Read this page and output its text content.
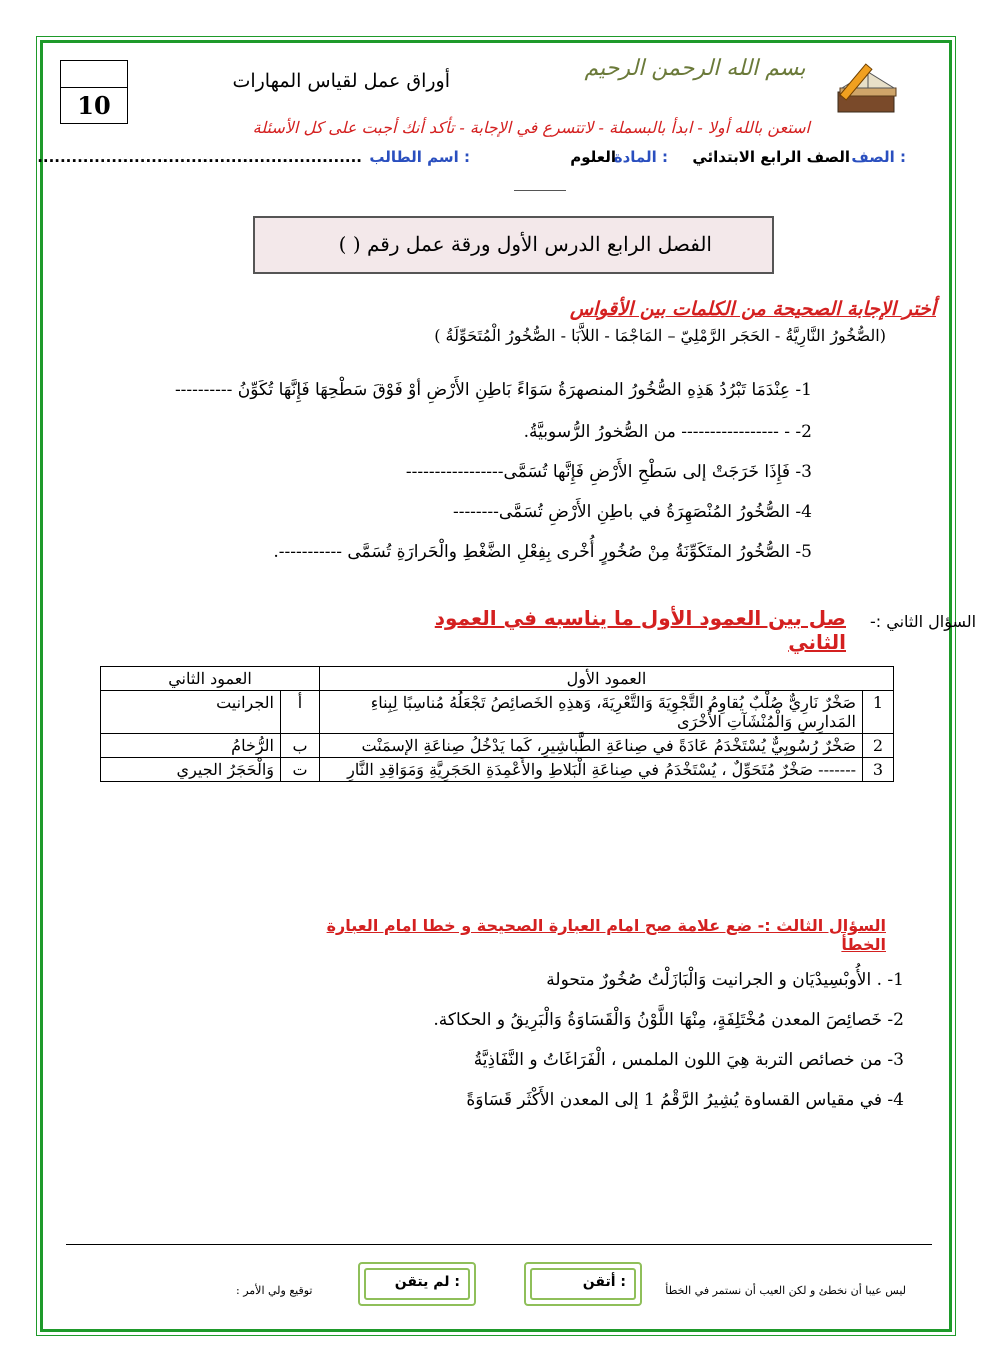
10
بسم الله الرحمن الرحيم
أوراق عمل لقياس المهارات
استعن بالله أولا - ابدأ بالبسملة - لاتتسرع في الإجابة - تأكد أنك أجبت على كل الأسئلة
الصف :
الصف الرابع الابتدائي
المادة :
العلوم
اسم الطالب :
.........................................................
الفصل الرابع الدرس الأول ورقة عمل رقم ( )
أختر الإجابة الصحيحة من الكلمات بين الأقواس
(الصُّخُورُ النَّارِيَّةُ - الحَجَر الرَّمْلِيّ – المَاجْمَا - اللاَّبَا - الصُّخُورُ الْمُتَحَوِّلَةُ )
1- عِنْدَمَا تَبْرُدُ هَذِهِ الصُّخُورُ المنصهرَةُ سَوَاءً بَاطِنِ الأَرْضِ أوْ فَوْقَ سَطْحِهَا فَإِنَّهَا تُكَوِّنُ ----------
2- - ----------------- من الصُّخورُ الرُّسوبيَّةُ.
3- فَإِذَا خَرَجَتْ إلى سَطْحِ الأَرْضِ فَإِنَّها تُسَمَّى-----------------
4- الصُّخُورُ المُنْصَهِرَةُ في باطِنِ الأَرْضِ تُسَمَّى--------
5- الصُّخُورُ المتَكَوِّنَةُ مِنْ صُخُورٍ أُخْرى بِفِعْلِ الضَّغْطِ والْحَرارَةِ تُسَمَّى -----------.
السؤال الثاني :-
صل بين العمود الأول ما يناسبه في العمود الثاني
العمود الأول		العمود الثاني	
1	صَخْرٌ نَارِيٌّ صُلْبٌ يُقاوِمُ التَّجْوِيَةَ وَالتَّعْرِيَةَ، وَهذِهِ الخَصائِصُ تَجْعَلُهُ مُناسِبًا لِبِناءِ المَدارِسِ وَالْمُنْشَآتِ الأُخْرَى	أ	الجرانيت
2	صَخْرٌ رُسُوبِيٌّ يُسْتَخْدَمُ عَادَةً في صِناعَةِ الطَّباشِيرِ، كَما يَدْخُلُ صِناعَةِ الإسمَنْت	ب	الرُّخامُ
3	------- صَخْرٌ مُتَحَوِّلٌ ، يُسْتَخْدَمُ في صِناعَةِ الْبَلاطِ والأَعْمِدَةِ الحَجَرِيَّةِ وَمَوَاقِدِ النَّارِ	ت	وَالْحَجَرُ الجيري
السؤال الثالث :- ضع علامة صح امام العبارة الصحيحة و خطا امام العبارة الخطأ
1- . الأُوبْسِيدْيَان و الجرانيت وَالْبَازَلْتُ صُخُورٌ متحولة
2- خَصائِصَ المعدن مُخْتَلِفَةٍ، مِنْهَا اللَّوْنُ وَالْقَسَاوَةُ وَالْبَرِيقُ و الحكاكة.
3- من خصائص التربة هِيَ اللون الملمس ، الْفَرَاغَاتُ و النَّفَاذِيَّةُ
4- في مقياس القساوة يُشِيرُ الرَّقْمُ 1 إلى المعدن الأَكْثَر قَسَاوَةً
ليس عيبا أن نخطئ و لكن العيب أن نستمر في الخطأ
أتقن :
لم يتقن :
توقيع ولي الأمر :
